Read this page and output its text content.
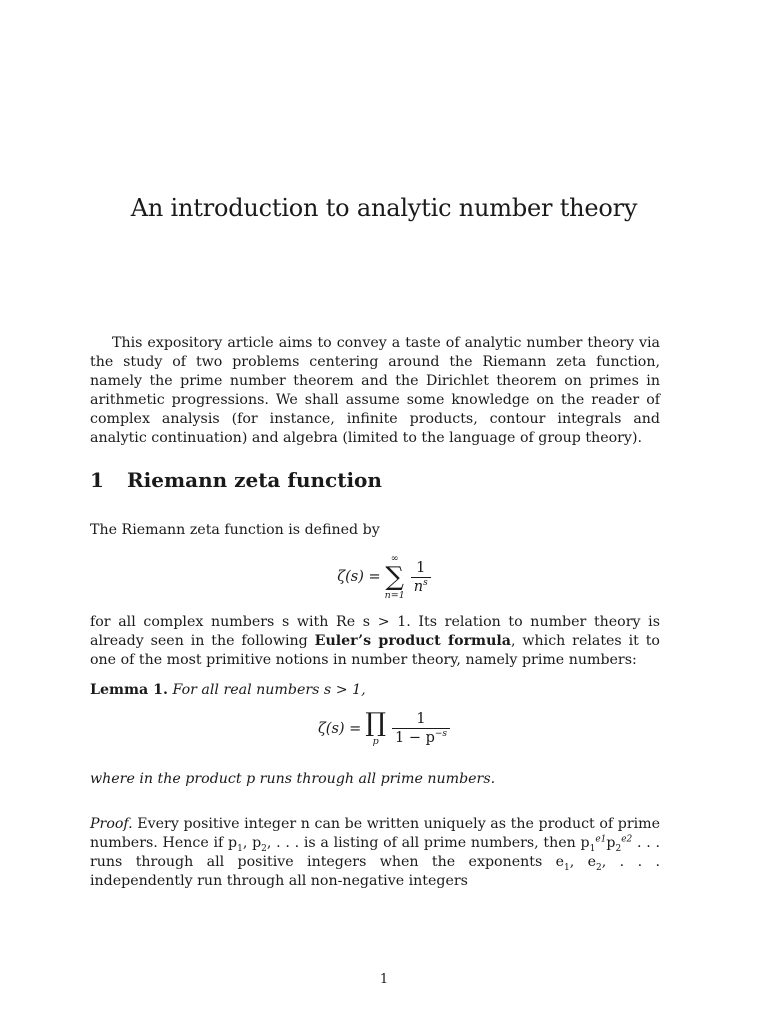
An introduction to analytic number theory

This expository article aims to convey a taste of analytic number theory via the study of two problems centering around the Riemann zeta function, namely the prime number theorem and the Dirichlet theorem on primes in arithmetic progressions. We shall assume some knowledge on the reader of complex analysis (for instance, infinite products, contour integrals and analytic continuation) and algebra (limited to the language of group theory).

1 Riemann zeta function

The Riemann zeta function is defined by

ζ(s) =
∞
∑
n=1
$\frac{1}{n^s}$

for all complex numbers s with Re s > 1. Its relation to number theory is already seen in the following Euler’s product formula, which relates it to one of the most primitive notions in number theory, namely prime numbers:

Lemma 1. For all real numbers s > 1,

ζ(s) = ∏
p $\frac{1}{1 - p^{-s}}$

where in the product p runs through all prime numbers.

Proof. Every positive integer n can be written uniquely as the product of prime numbers. Hence if $p_1$, $p_2$, . . . is a listing of all prime numbers, then $p_1^{e1}p_2^{e2}$ . . . runs through all positive integers when the exponents $e_1$, $e_2$, . . . independently run through all non-negative integers

1
